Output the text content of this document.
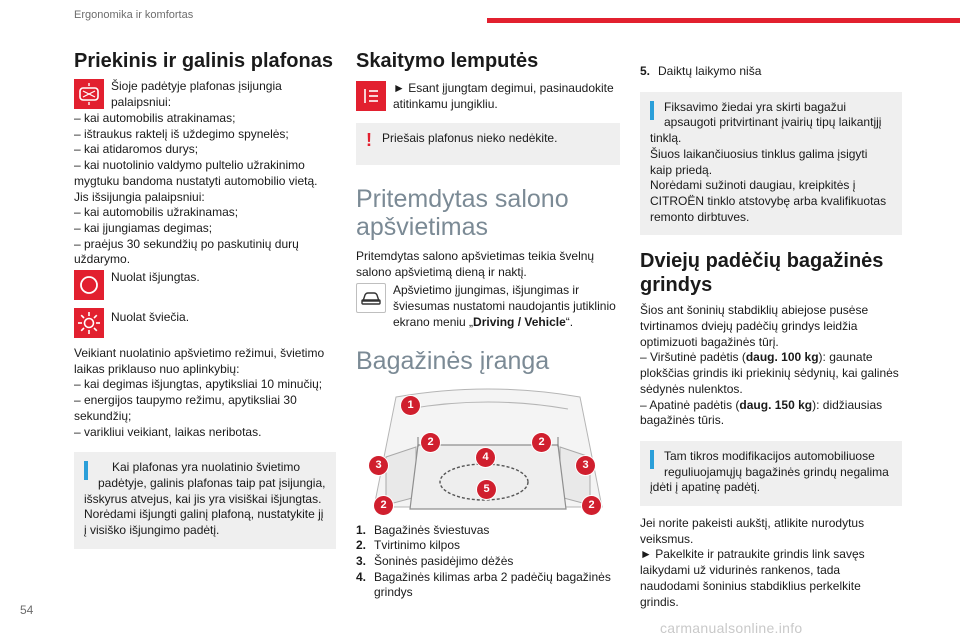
Ergonomika ir komfortas
Priekinis ir galinis plafonas
Šioje padėtyje plafonas įsijungia palaipsniui:
– kai automobilis atrakinamas;
– ištraukus raktelį iš uždegimo spynelės;
– kai atidaromos durys;
– kai nuotolinio valdymo pultelio užrakinimo mygtuku bandoma nustatyti automobilio vietą.
Jis išsijungia palaipsniui:
– kai automobilis užrakinamas;
– kai įjungiamas degimas;
– praėjus 30 sekundžių po paskutinių durų uždarymo.
Nuolat išjungtas.
Nuolat šviečia.
Veikiant nuolatinio apšvietimo režimui, švietimo laikas priklauso nuo aplinkybių:
– kai degimas išjungtas, apytiksliai 10 minučių;
– energijos taupymo režimu, apytiksliai 30 sekundžių;
– varikliui veikiant, laikas neribotas.
Kai plafonas yra nuolatinio švietimo padėtyje, galinis plafonas taip pat įsijungia, išskyrus atvejus, kai jis yra visiškai išjungtas.
Norėdami išjungti galinį plafoną, nustatykite jį į visiško išjungimo padėtį.
Skaitymo lemputės
► Esant įjungtam degimui, pasinaudokite atitinkamu jungikliu.
! Priešais plafonus nieko nedėkite.
Pritemdytas salono apšvietimas
Pritemdytas salono apšvietimas teikia švelnų salono apšvietimą dieną ir naktį.
Apšvietimo įjungimas, išjungimas ir šviesumas nustatomi naudojantis jutiklinio ekrano meniu „Driving / Vehicle“.
Bagažinės įranga
1
2	2
4
3	3
5
2	2
1. Bagažinės šviestuvas
2. Tvirtinimo kilpos
3. Šoninės pasidėjimo dėžės
4. Bagažinės kilimas arba 2 padėčių bagažinės grindys
5. Daiktų laikymo niša
Fiksavimo žiedai yra skirti bagažui apsaugoti pritvirtinant įvairių tipų laikantįjį tinklą.
Šiuos laikančiuosius tinklus galima įsigyti kaip priedą.
Norėdami sužinoti daugiau, kreipkitės į CITROËN tinklo atstovybę arba kvalifikuotas remonto dirbtuves.
Dviejų padėčių bagažinės grindys
Šios ant šoninių stabdiklių abiejose pusėse tvirtinamos dviejų padėčių grindys leidžia optimizuoti bagažinės tūrį.
– Viršutinė padėtis (daug. 100 kg): gaunate plokščias grindis iki priekinių sėdynių, kai galinės sėdynės nulenktos.
– Apatinė padėtis (daug. 150 kg): didžiausias bagažinės tūris.
Tam tikros modifikacijos automobiliuose reguliuojamųjų bagažinės grindų negalima įdėti į apatinę padėtį.
Jei norite pakeisti aukštį, atlikite nurodytus veiksmus.
► Pakelkite ir patraukite grindis link savęs laikydami už vidurinės rankenos, tada naudodami šoninius stabdiklius perkelkite grindis.
54
carmanualsonline.info
